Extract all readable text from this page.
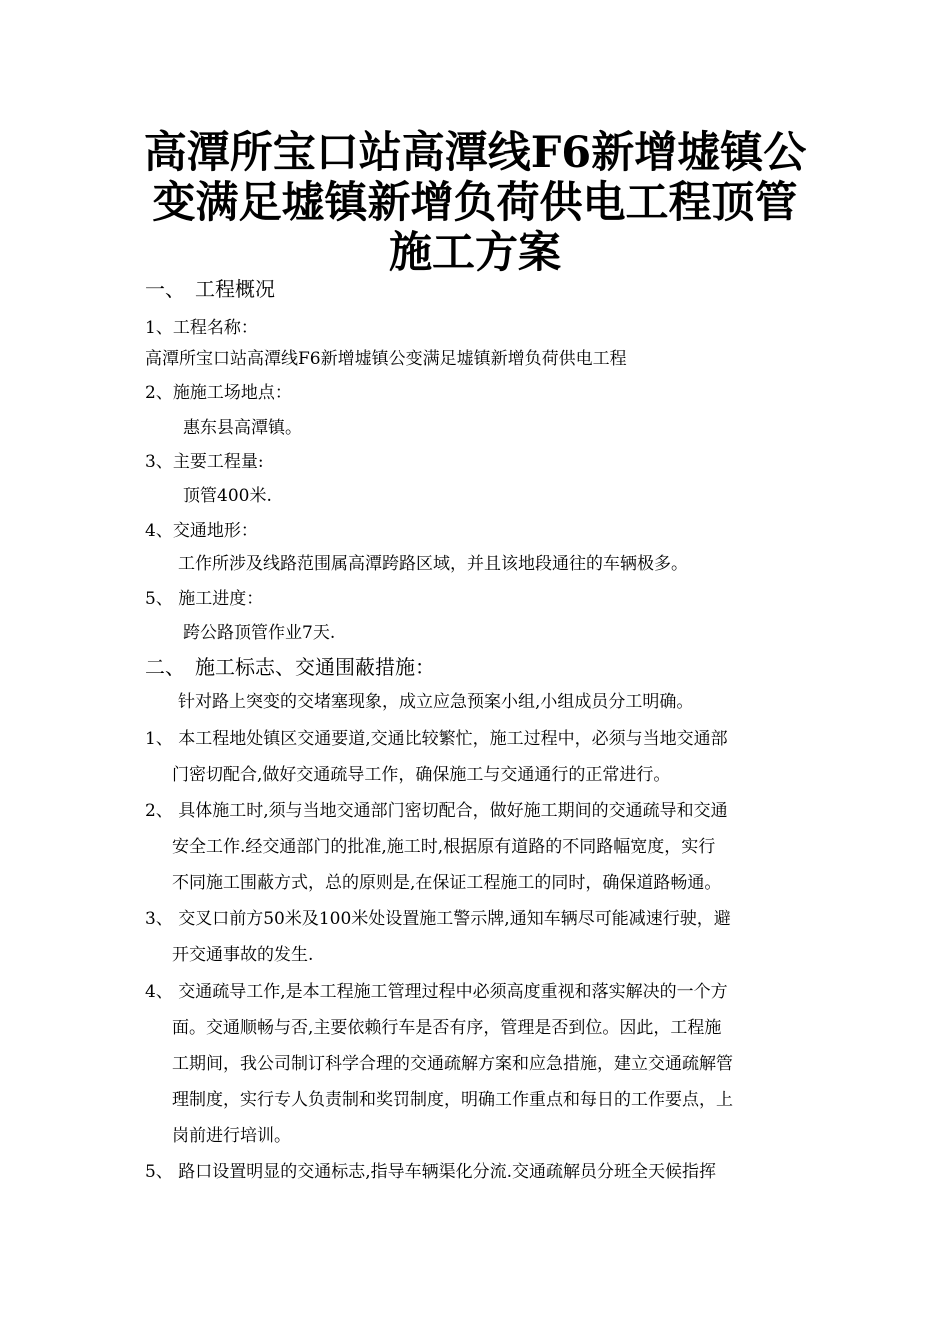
高潭所宝口站高潭线F6新增墟镇公
变满足墟镇新增负荷供电工程顶管
施工方案
一、　工程概况
1、工程名称：
高潭所宝口站高潭线F6新增墟镇公变满足墟镇新增负荷供电工程
2、施施工场地点：
惠东县高潭镇。
3、主要工程量:
顶管400米.
4、交通地形：
工作所涉及线路范围属高潭跨路区域，并且该地段通往的车辆极多。
5、 施工进度：
跨公路顶管作业7天.
二、　施工标志、交通围蔽措施：
针对路上突变的交堵塞现象，成立应急预案小组,小组成员分工明确。
1、 本工程地处镇区交通要道,交通比较繁忙，施工过程中，必须与当地交通部
门密切配合,做好交通疏导工作，确保施工与交通通行的正常进行。
2、 具体施工时,须与当地交通部门密切配合，做好施工期间的交通疏导和交通
安全工作.经交通部门的批准,施工时,根据原有道路的不同路幅宽度，实行
不同施工围蔽方式，总的原则是,在保证工程施工的同时，确保道路畅通。
3、 交叉口前方50米及100米处设置施工警示牌,通知车辆尽可能减速行驶，避
开交通事故的发生.
4、 交通疏导工作,是本工程施工管理过程中必须高度重视和落实解决的一个方
面。交通顺畅与否,主要依赖行车是否有序，管理是否到位。因此，工程施
工期间，我公司制订科学合理的交通疏解方案和应急措施，建立交通疏解管
理制度，实行专人负责制和奖罚制度，明确工作重点和每日的工作要点，上
岗前进行培训。
5、 路口设置明显的交通标志,指导车辆渠化分流.交通疏解员分班全天候指挥
